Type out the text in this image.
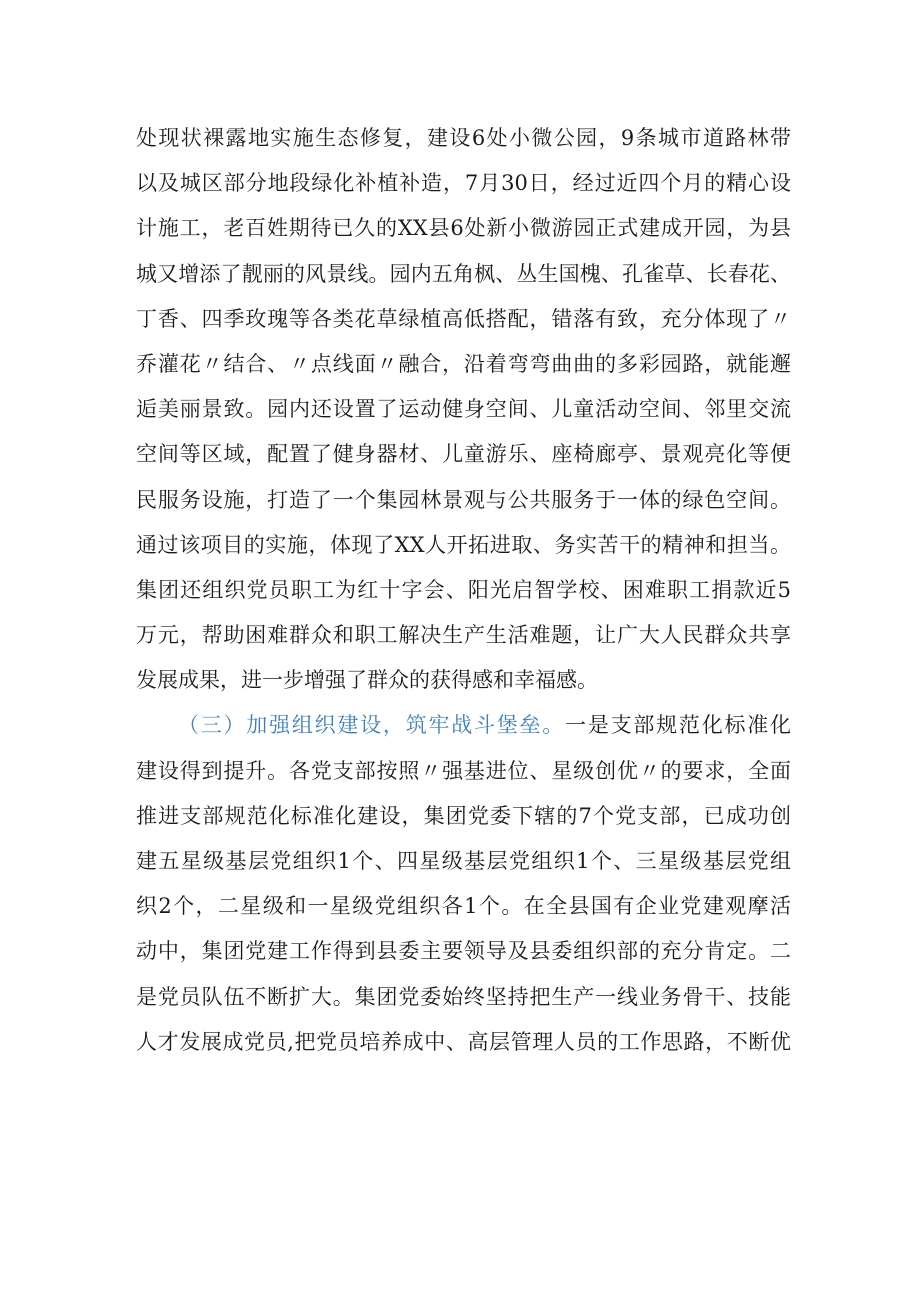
处现状裸露地实施生态修复，建设6处小微公园，9条城市道路林带
以及城区部分地段绿化补植补造，7月30日，经过近四个月的精心设
计施工，老百姓期待已久的XX县6处新小微游园正式建成开园，为县
城又增添了靓丽的风景线。园内五角枫、丛生国槐、孔雀草、长春花、
丁香、四季玫瑰等各类花草绿植高低搭配，错落有致，充分体现了〃
乔灌花〃结合、〃点线面〃融合，沿着弯弯曲曲的多彩园路，就能邂
逅美丽景致。园内还设置了运动健身空间、儿童活动空间、邻里交流
空间等区域，配置了健身器材、儿童游乐、座椅廊亭、景观亮化等便
民服务设施，打造了一个集园林景观与公共服务于一体的绿色空间。
通过该项目的实施，体现了XX人开拓进取、务实苦干的精神和担当。
集团还组织党员职工为红十字会、阳光启智学校、困难职工捐款近5
万元，帮助困难群众和职工解决生产生活难题，让广大人民群众共享
发展成果，进一步增强了群众的获得感和幸福感。
（三）加强组织建设，筑牢战斗堡垒。一是支部规范化标准化
建设得到提升。各党支部按照〃强基进位、星级创优〃的要求，全面
推进支部规范化标准化建设，集团党委下辖的7个党支部，已成功创
建五星级基层党组织1个、四星级基层党组织1个、三星级基层党组
织2个，二星级和一星级党组织各1个。在全县国有企业党建观摩活
动中，集团党建工作得到县委主要领导及县委组织部的充分肯定。二
是党员队伍不断扩大。集团党委始终坚持把生产一线业务骨干、技能
人才发展成党员,把党员培养成中、高层管理人员的工作思路，不断优
